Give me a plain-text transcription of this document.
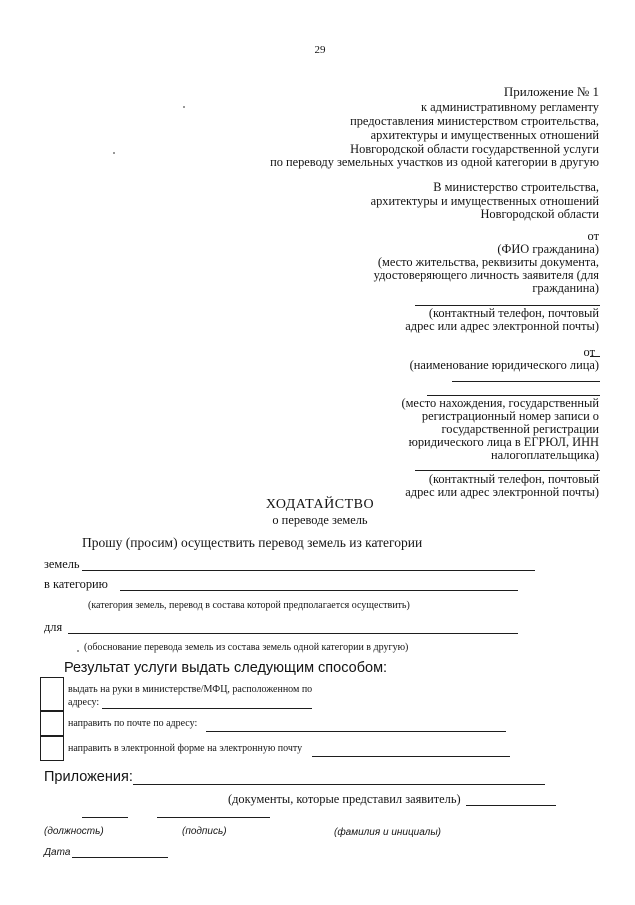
29
Приложение № 1
к административному регламенту
предоставления министерством строительства,
архитектуры и имущественных отношений
Новгородской области государственной услуги
по переводу земельных участков из одной категории в другую
В министерство строительства,
архитектуры и имущественных отношений
Новгородской области
от
(ФИО гражданина)
(место жительства, реквизиты документа,
удостоверяющего личность заявителя (для
гражданина)
(контактный телефон, почтовый
адрес или адрес электронной почты)
от
(наименование юридического лица)
(место нахождения, государственный
регистрационный номер записи о
государственной регистрации
юридического лица в ЕГРЮЛ, ИНН
налогоплательщика)
(контактный телефон, почтовый
адрес или адрес электронной почты)
ХОДАТАЙСТВО
о переводе земель
Прошу (просим) осуществить перевод земель из категории
земель
в категорию
(категория земель, перевод в состава которой предполагается осуществить)
для
(обоснование перевода земель из состава земель одной категории в другую)
Результат услуги выдать следующим способом:
выдать на руки в министерстве/МФЦ, расположенном по
адресу:
направить по почте по адресу:
направить в электронной форме на электронную почту
Приложения:
(документы, которые представил заявитель)
(должность)	(подпись)	(фамилия и инициалы)
Дата
